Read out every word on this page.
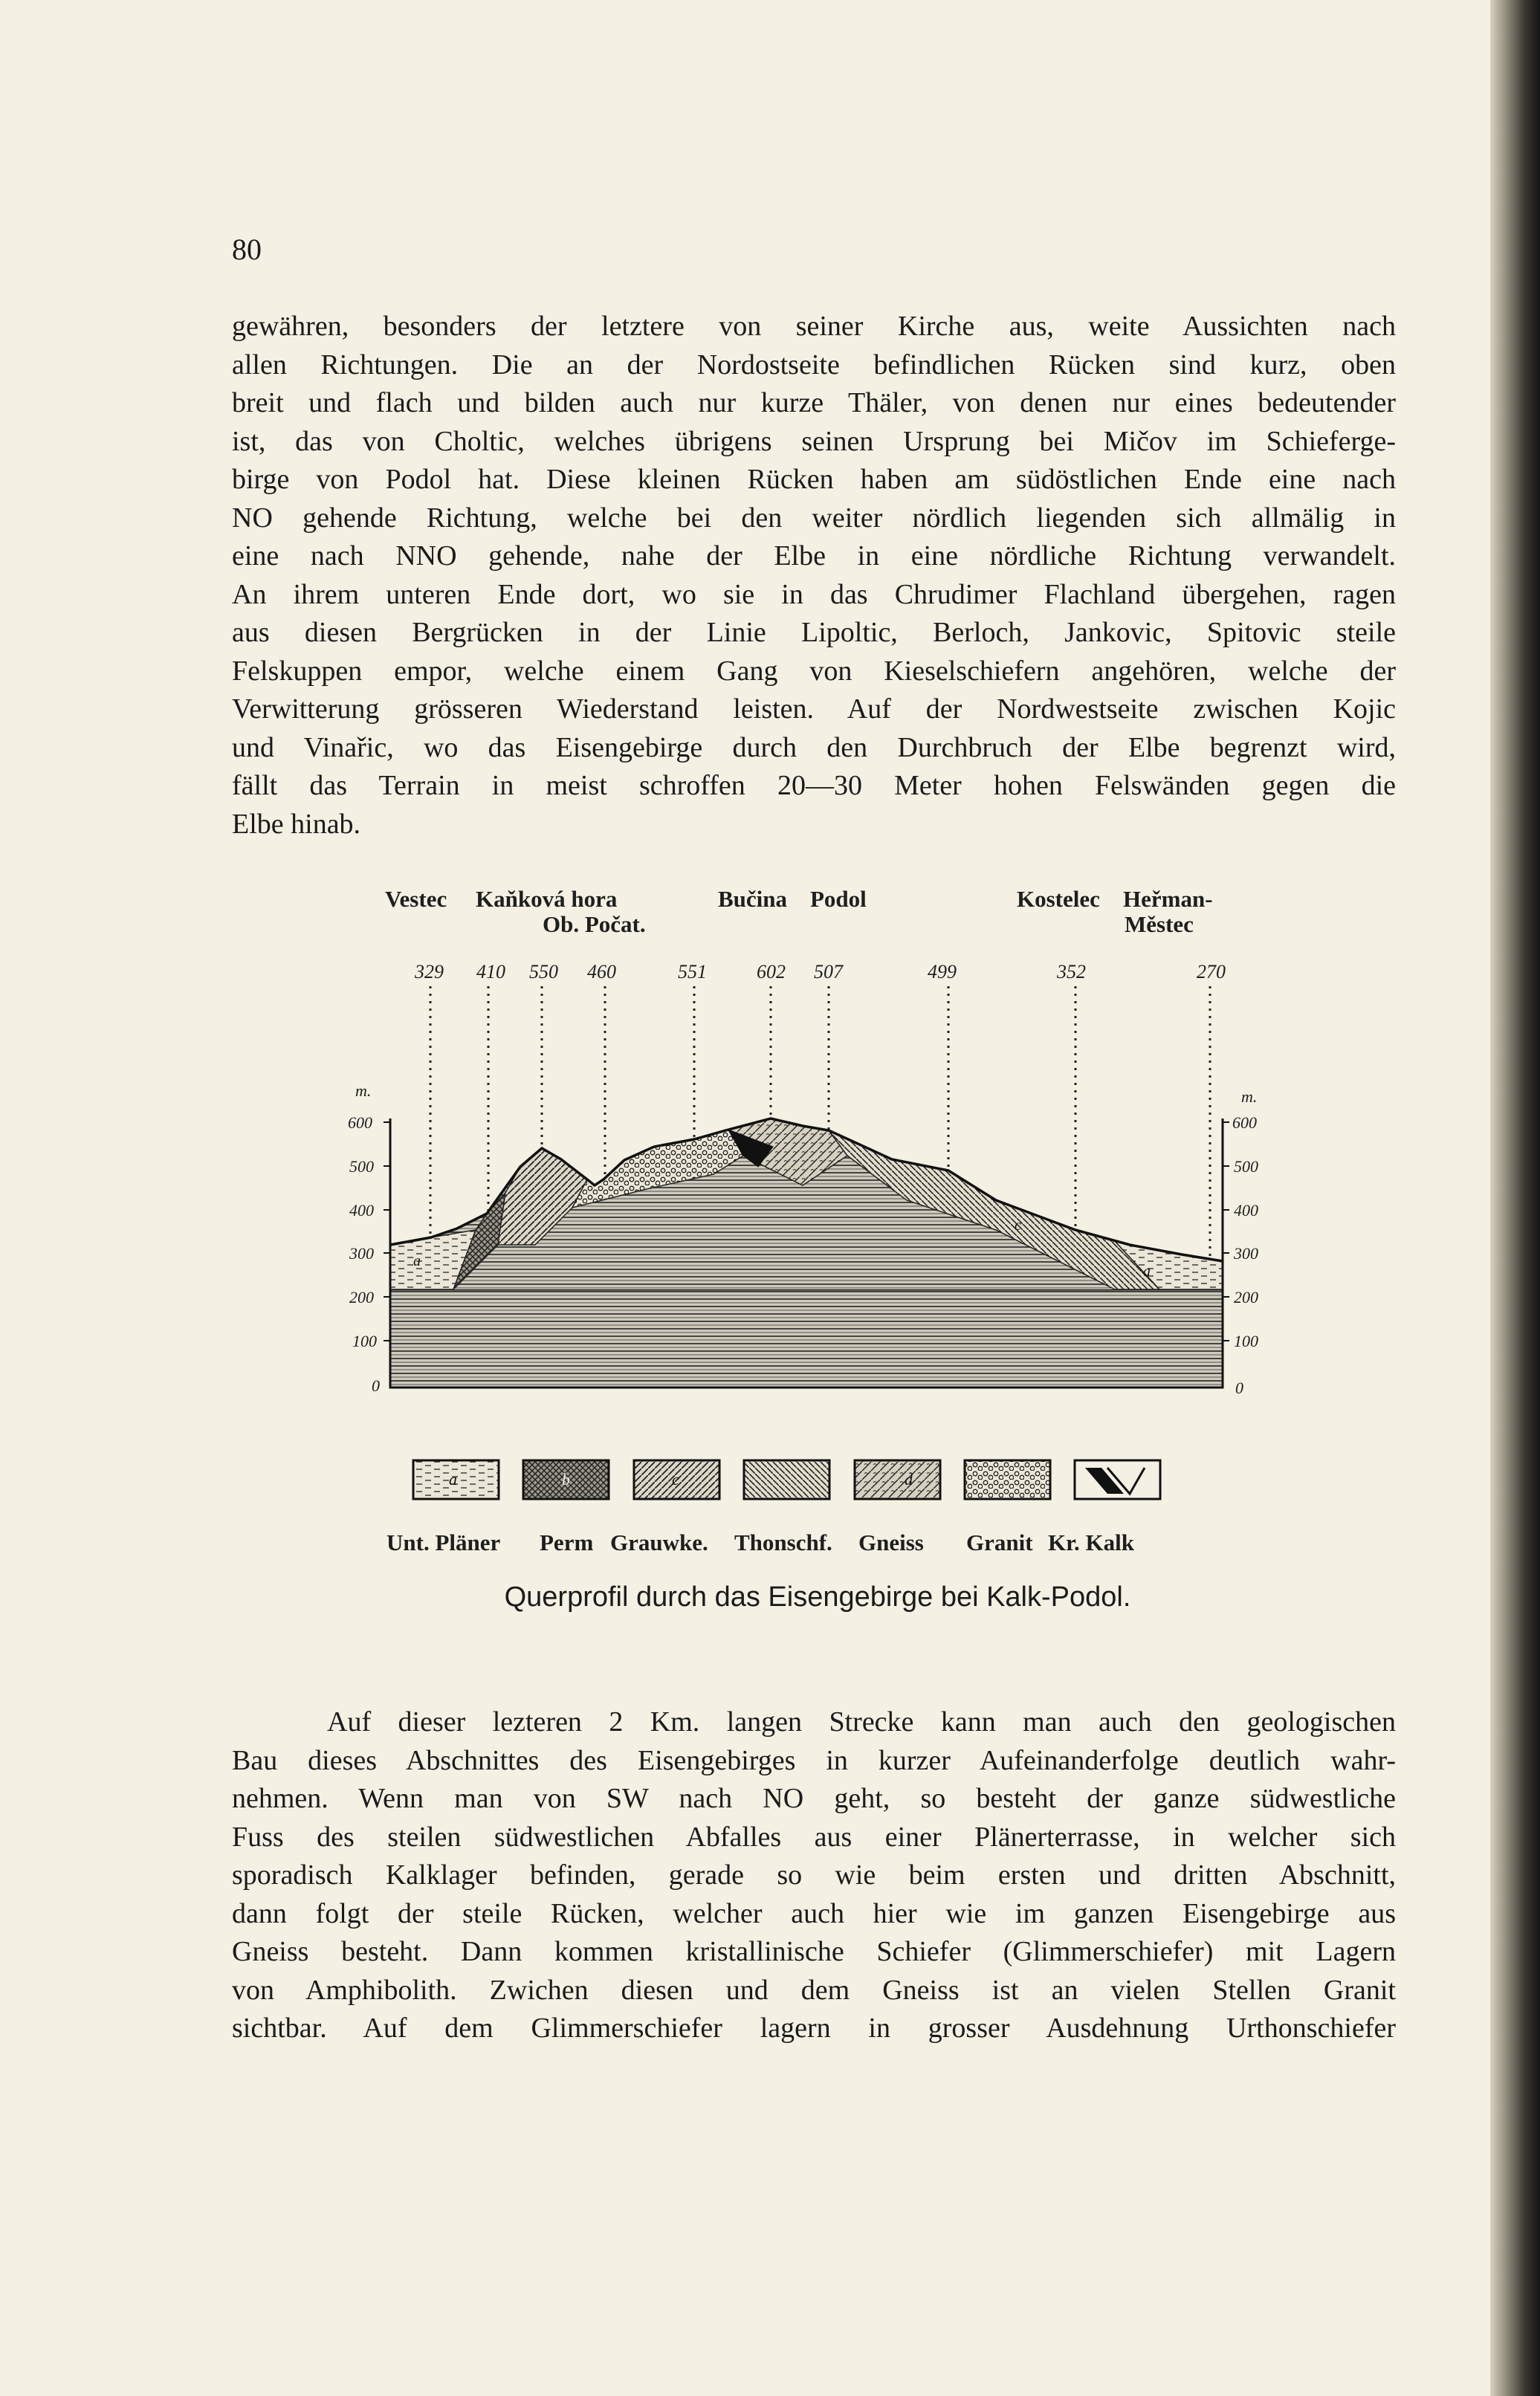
80

gewähren, besonders der letztere von seiner Kirche aus, weite Aussichten nach
allen Richtungen. Die an der Nordostseite befindlichen Rücken sind kurz, oben
breit und flach und bilden auch nur kurze Thäler, von denen nur eines bedeutender
ist, das von Choltic, welches übrigens seinen Ursprung bei Mičov im Schieferge-
birge von Podol hat. Diese kleinen Rücken haben am südöstlichen Ende eine nach
NO gehende Richtung, welche bei den weiter nördlich liegenden sich allmälig in
eine nach NNO gehende, nahe der Elbe in eine nördliche Richtung verwandelt.
An ihrem unteren Ende dort, wo sie in das Chrudimer Flachland übergehen, ragen
aus diesen Bergrücken in der Linie Lipoltic, Berloch, Jankovic, Spitovic steile
Felskuppen empor, welche einem Gang von Kieselschiefern angehören, welche der
Verwitterung grösseren Wiederstand leisten. Auf der Nordwestseite zwischen Kojic
und Vinařic, wo das Eisengebirge durch den Durchbruch der Elbe begrenzt wird,
fällt das Terrain in meist schroffen 20—30 Meter hohen Felswänden gegen die
Elbe hinab.

Vestec Kaňková hora
Ob. Počat.
Bučina Podol	Kostelec Heřman-
Městec
329 410 550 460	551	602 507	499	352	270
a
a
c
m.
600
500
400
300
200
100
0
m.
600
500
400
300
200
100
0
a	b	c	d
Unt. Pläner Perm Grauwke. Thonschf. Gneiss Granit Kr. Kalk
Querprofil durch das Eisengebirge bei Kalk-Podol.

Auf dieser lezteren 2 Km. langen Strecke kann man auch den geologischen
Bau dieses Abschnittes des Eisengebirges in kurzer Aufeinanderfolge deutlich wahr-
nehmen. Wenn man von SW nach NO geht, so besteht der ganze südwestliche
Fuss des steilen südwestlichen Abfalles aus einer Plänerterrasse, in welcher sich
sporadisch Kalklager befinden, gerade so wie beim ersten und dritten Abschnitt,
dann folgt der steile Rücken, welcher auch hier wie im ganzen Eisengebirge aus
Gneiss besteht. Dann kommen kristallinische Schiefer (Glimmerschiefer) mit Lagern
von Amphibolith. Zwichen diesen und dem Gneiss ist an vielen Stellen Granit
sichtbar. Auf dem Glimmerschiefer lagern in grosser Ausdehnung Urthonschiefer
